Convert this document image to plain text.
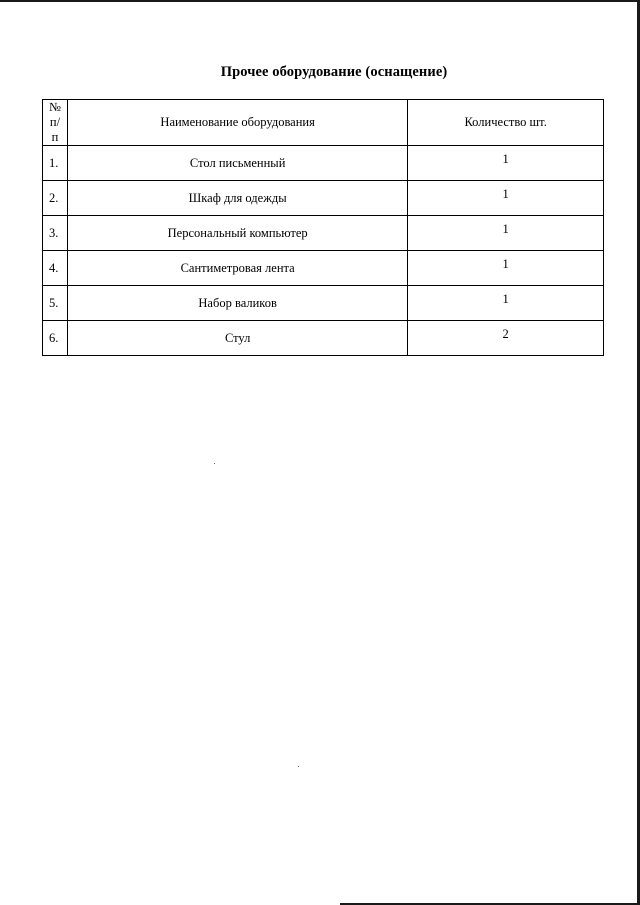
Прочее оборудование (оснащение)
№
п/п	Наименование оборудования	Количество шт.
1.	Стол письменный	1
2.	Шкаф для одежды	1
3.	Персональный компьютер	1
4.	Сантиметровая лента	1
5.	Набор валиков	1
6.	Стул	2
